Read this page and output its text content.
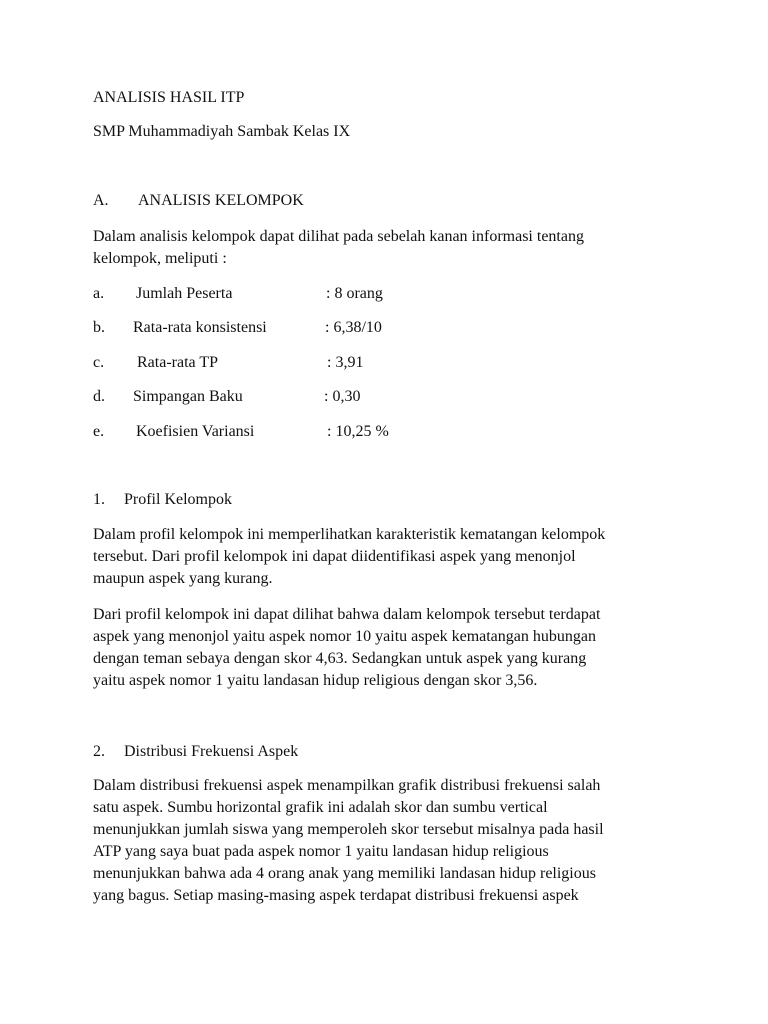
ANALISIS HASIL ITP
SMP Muhammadiyah Sambak Kelas IX
A. ANALISIS KELOMPOK
Dalam analisis kelompok dapat dilihat pada sebelah kanan informasi tentang
kelompok, meliputi :
a. Jumlah Peserta	: 8 orang
b. Rata-rata konsistensi	: 6,38/10
c. Rata-rata TP	: 3,91
d. Simpangan Baku	: 0,30
e. Koefisien Variansi	: 10,25 %
1. Profil Kelompok
Dalam profil kelompok ini memperlihatkan karakteristik kematangan kelompok
tersebut. Dari profil kelompok ini dapat diidentifikasi aspek yang menonjol
maupun aspek yang kurang.
Dari profil kelompok ini dapat dilihat bahwa dalam kelompok tersebut terdapat
aspek yang menonjol yaitu aspek nomor 10 yaitu aspek kematangan hubungan
dengan teman sebaya dengan skor 4,63. Sedangkan untuk aspek yang kurang
yaitu aspek nomor 1 yaitu landasan hidup religious dengan skor 3,56.
2. Distribusi Frekuensi Aspek
Dalam distribusi frekuensi aspek menampilkan grafik distribusi frekuensi salah
satu aspek. Sumbu horizontal grafik ini adalah skor dan sumbu vertical
menunjukkan jumlah siswa yang memperoleh skor tersebut misalnya pada hasil
ATP yang saya buat pada aspek nomor 1 yaitu landasan hidup religious
menunjukkan bahwa ada 4 orang anak yang memiliki landasan hidup religious
yang bagus. Setiap masing-masing aspek terdapat distribusi frekuensi aspek
